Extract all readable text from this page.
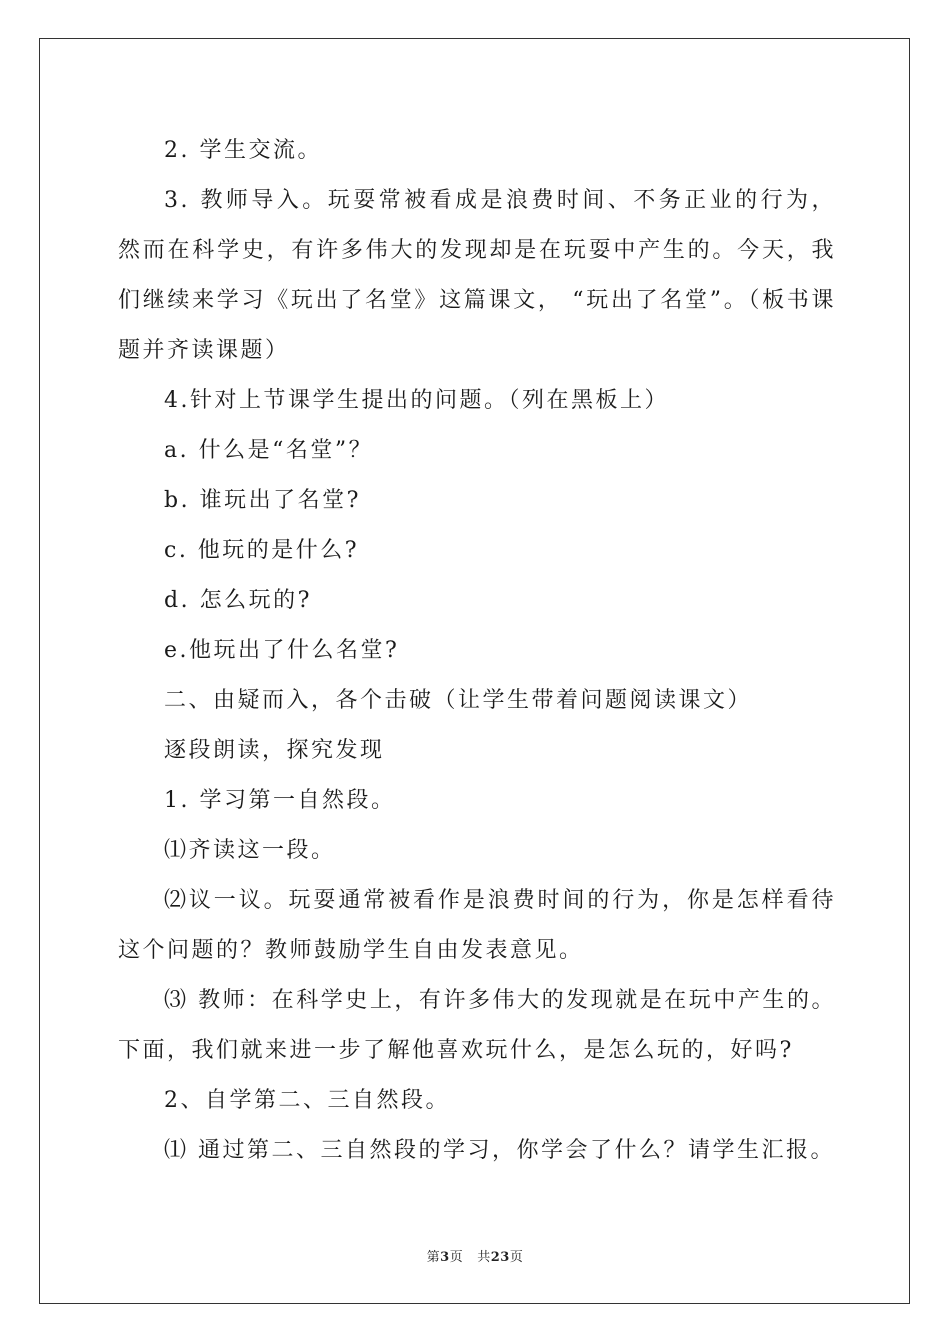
2. 学生交流。

3. 教师导入。玩耍常被看成是浪费时间、不务正业的行为，然而在科学史，有许多伟大的发现却是在玩耍中产生的。今天，我们继续来学习《玩出了名堂》这篇课文， “玩出了名堂”。（板书课题并齐读课题）

4.针对上节课学生提出的问题。（列在黑板上）

a. 什么是“名堂”？

b. 谁玩出了名堂?

c. 他玩的是什么?

d. 怎么玩的?

e.他玩出了什么名堂?

二、由疑而入，各个击破（让学生带着问题阅读课文）

逐段朗读，探究发现

1. 学习第一自然段。

⑴齐读这一段。

⑵议一议。玩耍通常被看作是浪费时间的行为，你是怎样看待这个问题的？教师鼓励学生自由发表意见。

⑶ 教师：在科学史上，有许多伟大的发现就是在玩中产生的。下面，我们就来进一步了解他喜欢玩什么，是怎么玩的，好吗?

2、自学第二、三自然段。

⑴ 通过第二、三自然段的学习，你学会了什么？请学生汇报。

第3页 共23页
